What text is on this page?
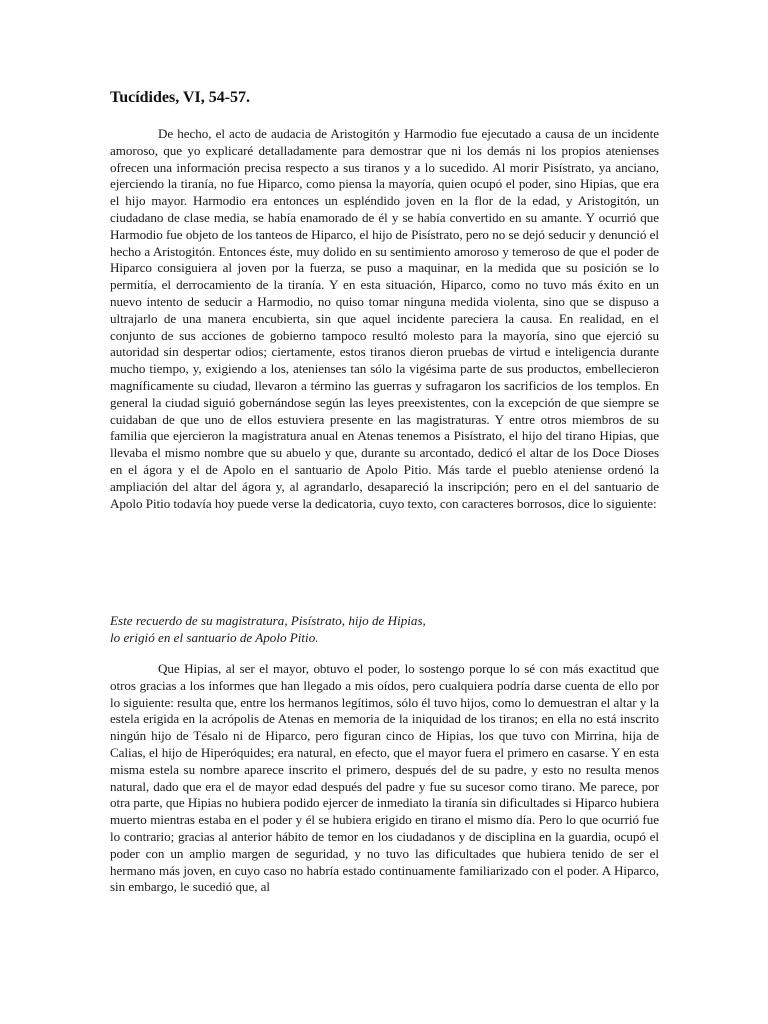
Tucídides, VI, 54-57.

De hecho, el acto de audacia de Aristogitón y Harmodio fue ejecutado a causa de un incidente amoroso, que yo explicaré detalladamente para demostrar que ni los demás ni los propios atenienses ofrecen una información precisa respecto a sus tiranos y a lo sucedido. Al morir Pisístrato, ya anciano, ejerciendo la tiranía, no fue Hiparco, como piensa la mayoría, quien ocupó el poder, sino Hipias, que era el hijo mayor. Harmodio era entonces un espléndido joven en la flor de la edad, y Aristogitón, un ciudadano de clase media, se había enamorado de él y se había convertido en su amante. Y ocurrió que Harmodio fue objeto de los tanteos de Hiparco, el hijo de Pisístrato, pero no se dejó seducir y denunció el hecho a Aristogitón. Entonces éste, muy dolido en su sentimiento amoroso y temeroso de que el poder de Hiparco consiguiera al joven por la fuerza, se puso a maquinar, en la medida que su posición se lo permitía, el derrocamiento de la tiranía. Y en esta situación, Hiparco, como no tuvo más éxito en un nuevo intento de seducir a Harmodio, no quiso tomar ninguna medida violenta, sino que se dispuso a ultrajarlo de una manera encubierta, sin que aquel incidente pareciera la causa. En realidad, en el conjunto de sus acciones de gobierno tampoco resultó molesto para la mayoría, sino que ejerció su autoridad sin despertar odios; ciertamente, estos tiranos dieron pruebas de virtud e inteligencia durante mucho tiempo, y, exigiendo a los, atenienses tan sólo la vigésima parte de sus productos, embellecieron magníficamente su ciudad, llevaron a término las guerras y sufragaron los sacrificios de los templos. En general la ciudad siguió gobernándose según las leyes preexistentes, con la excepción de que siempre se cuidaban de que uno de ellos estuviera presente en las magistraturas. Y entre otros miembros de su familia que ejercieron la magistratura anual en Atenas tenemos a Pisístrato, el hijo del tirano Hipias, que llevaba el mismo nombre que su abuelo y que, durante su arcontado, dedicó el altar de los Doce Dioses en el ágora y el de Apolo en el santuario de Apolo Pitio. Más tarde el pueblo ateniense ordenó la ampliación del altar del ágora y, al agrandarlo, desapareció la inscripción; pero en el del santuario de Apolo Pitio todavía hoy puede verse la dedicatoria, cuyo texto, con caracteres borrosos, dice lo siguiente:

Este recuerdo de su magistratura, Pisístrato, hijo de Hipias,
lo erigió en el santuario de Apolo Pitio.

Que Hipias, al ser el mayor, obtuvo el poder, lo sostengo porque lo sé con más exactitud que otros gracias a los informes que han llegado a mis oídos, pero cualquiera podría darse cuenta de ello por lo siguiente: resulta que, entre los hermanos legítimos, sólo él tuvo hijos, como lo demuestran el altar y la estela erigida en la acrópolis de Atenas en memoria de la iniquidad de los tiranos; en ella no está inscrito ningún hijo de Tésalo ni de Hiparco, pero figuran cinco de Hipias, los que tuvo con Mirrina, hija de Calias, el hijo de Hiperóquides; era natural, en efecto, que el mayor fuera el primero en casarse. Y en esta misma estela su nombre aparece inscrito el primero, después del de su padre, y esto no resulta menos natural, dado que era el de mayor edad después del padre y fue su sucesor como tirano. Me parece, por otra parte, que Hipias no hubiera podido ejercer de inmediato la tiranía sin dificultades si Hiparco hubiera muerto mientras estaba en el poder y él se hubiera erigido en tirano el mismo día. Pero lo que ocurrió fue lo contrario; gracias al anterior hábito de temor en los ciudadanos y de disciplina en la guardia, ocupó el poder con un amplio margen de seguridad, y no tuvo las dificultades que hubiera tenido de ser el hermano más joven, en cuyo caso no habría estado continuamente familiarizado con el poder. A Hiparco, sin embargo, le sucedió que, al
